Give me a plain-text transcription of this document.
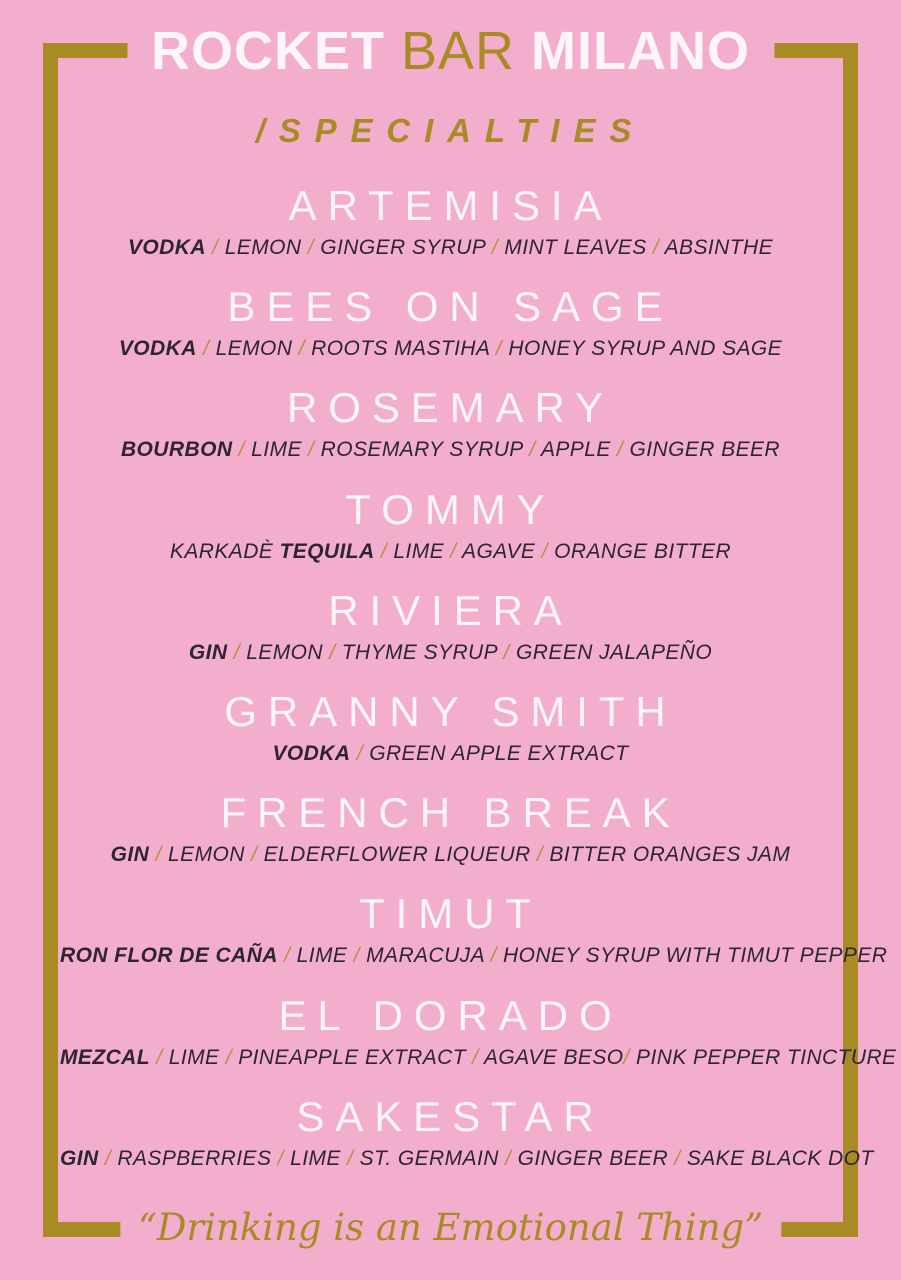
ROCKET BAR MILANO
/SPECIALTIES
ARTEMISIA

VODKA / LEMON / GINGER SYRUP / MINT LEAVES / ABSINTHE

BEES ON SAGE

VODKA / LEMON / ROOTS MASTIHA / HONEY SYRUP AND SAGE

ROSEMARY

BOURBON / LIME / ROSEMARY SYRUP / APPLE / GINGER BEER

TOMMY

KARKADÈ TEQUILA / LIME / AGAVE / ORANGE BITTER

RIVIERA

GIN / LEMON / THYME SYRUP / GREEN JALAPEÑO

GRANNY SMITH

VODKA / GREEN APPLE EXTRACT

FRENCH BREAK

GIN / LEMON / ELDERFLOWER LIQUEUR / BITTER ORANGES JAM

TIMUT

RON FLOR DE CAÑA / LIME / MARACUJA / HONEY SYRUP WITH TIMUT PEPPER

EL DORADO

MEZCAL / LIME / PINEAPPLE EXTRACT / AGAVE BESO/ PINK PEPPER TINCTURE

SAKESTAR

GIN / RASPBERRIES / LIME / ST. GERMAIN / GINGER BEER / SAKE BLACK DOT

“Drinking is an Emotional Thing”
